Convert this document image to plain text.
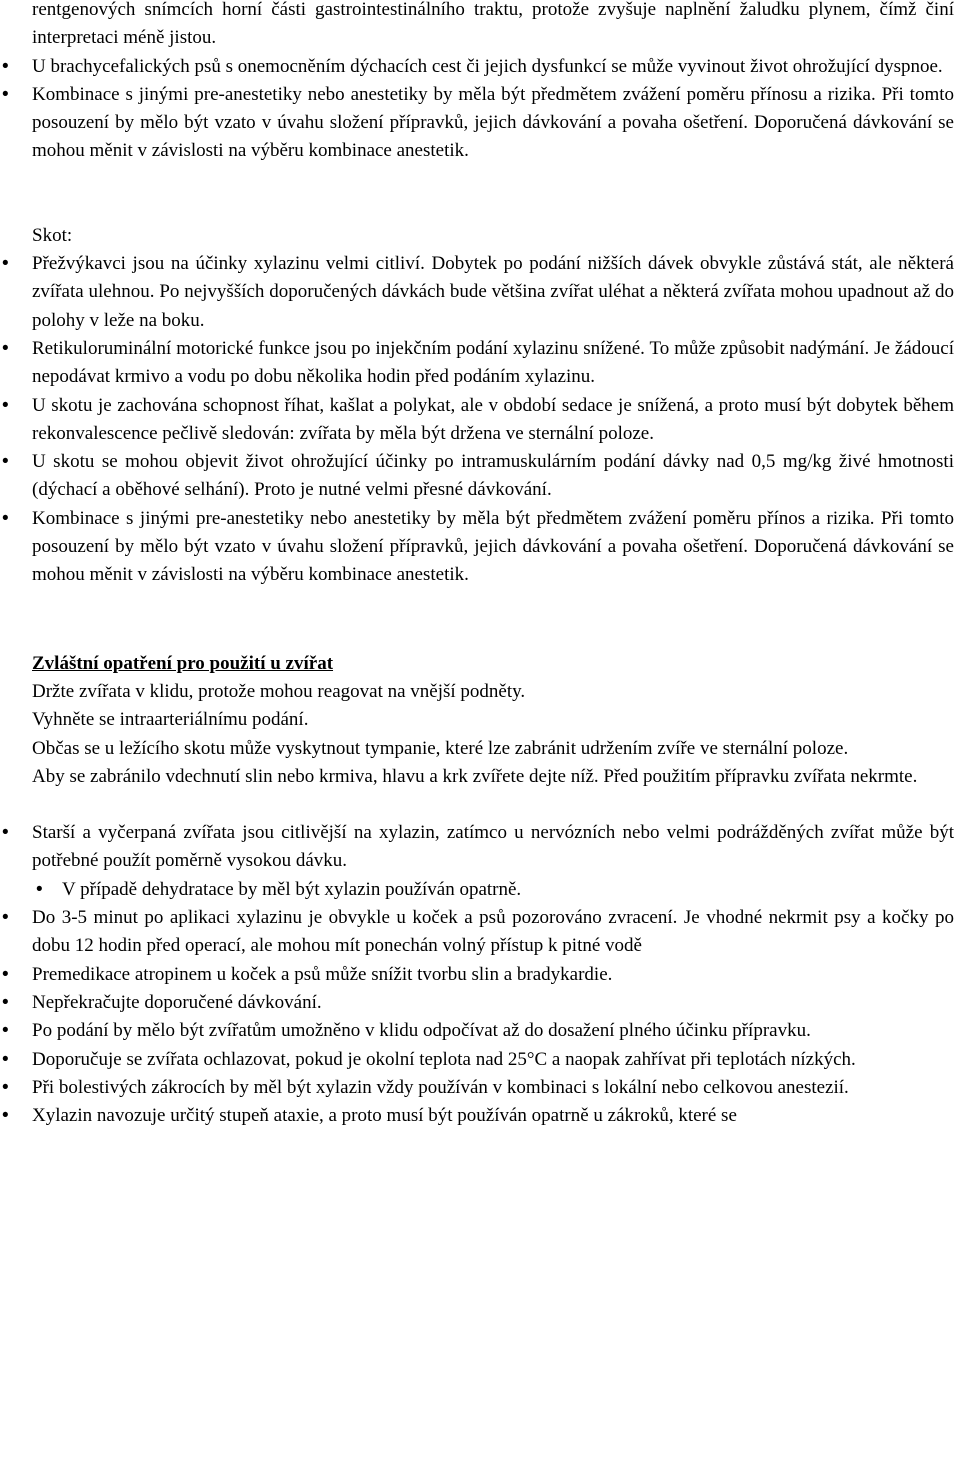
rentgenových snímcích horní části gastrointestinálního traktu, protože zvyšuje naplnění žaludku plynem, čímž činí interpretaci méně jistou.
• U brachycefalických psů s onemocněním dýchacích cest či jejich dysfunkcí se může vyvinout život ohrožující dyspnoe.
• Kombinace s jinými pre-anestetiky nebo anestetiky by měla být předmětem zvážení poměru přínosu a rizika. Při tomto posouzení by mělo být vzato v úvahu složení přípravků, jejich dávkování a povaha ošetření. Doporučená dávkování se mohou měnit v závislosti na výběru kombinace anestetik.
Skot:
• Přežvýkavci jsou na účinky xylazinu velmi citliví. Dobytek po podání nižších dávek obvykle zůstává stát, ale některá zvířata ulehnou. Po nejvyšších doporučených dávkách bude většina zvířat uléhat a některá zvířata mohou upadnout až do polohy v leže na boku.
• Retikuloruminální motorické funkce jsou po injekčním podání xylazinu snížené. To může způsobit nadýmání. Je žádoucí nepodávat krmivo a vodu po dobu několika hodin před podáním xylazinu.
• U skotu je zachována schopnost říhat, kašlat a polykat, ale v období sedace je snížená, a proto musí být dobytek během rekonvalescence pečlivě sledován: zvířata by měla být držena ve sternální poloze.
• U skotu se mohou objevit život ohrožující účinky po intramuskulárním podání dávky nad 0,5 mg/kg živé hmotnosti (dýchací a oběhové selhání). Proto je nutné velmi přesné dávkování.
• Kombinace s jinými pre-anestetiky nebo anestetiky by měla být předmětem zvážení poměru přínos a rizika. Při tomto posouzení by mělo být vzato v úvahu složení přípravků, jejich dávkování a povaha ošetření. Doporučená dávkování se mohou měnit v závislosti na výběru kombinace anestetik.
Zvláštní opatření pro použití u zvířat
Držte zvířata v klidu, protože mohou reagovat na vnější podněty.
Vyhněte se intraarteriálnímu podání.
Občas se u ležícího skotu může vyskytnout tympanie, které lze zabránit udržením zvíře ve sternální poloze.
Aby se zabránilo vdechnutí slin nebo krmiva, hlavu a krk zvířete dejte níž. Před použitím přípravku zvířata nekrmte.
• Starší a vyčerpaná zvířata jsou citlivější na xylazin, zatímco u nervózních nebo velmi podrážděných zvířat může být potřebné použít poměrně vysokou dávku.
• V případě dehydratace by měl být xylazin používán opatrně.
• Do 3-5 minut po aplikaci xylazinu je obvykle u koček a psů pozorováno zvracení. Je vhodné nekrmit psy a kočky po dobu 12 hodin před operací, ale mohou mít ponechán volný přístup k pitné vodě
• Premedikace atropinem u koček a psů může snížit tvorbu slin a bradykardie.
• Nepřekračujte doporučené dávkování.
• Po podání by mělo být zvířatům umožněno v klidu odpočívat až do dosažení plného účinku přípravku.
• Doporučuje se zvířata ochlazovat, pokud je okolní teplota nad 25°C a naopak zahřívat při teplotách nízkých.
• Při bolestivých zákrocích by měl být xylazin vždy používán v kombinaci s lokální nebo celkovou anestezií.
• Xylazin navozuje určitý stupeň ataxie, a proto musí být používán opatrně u zákroků, které se
